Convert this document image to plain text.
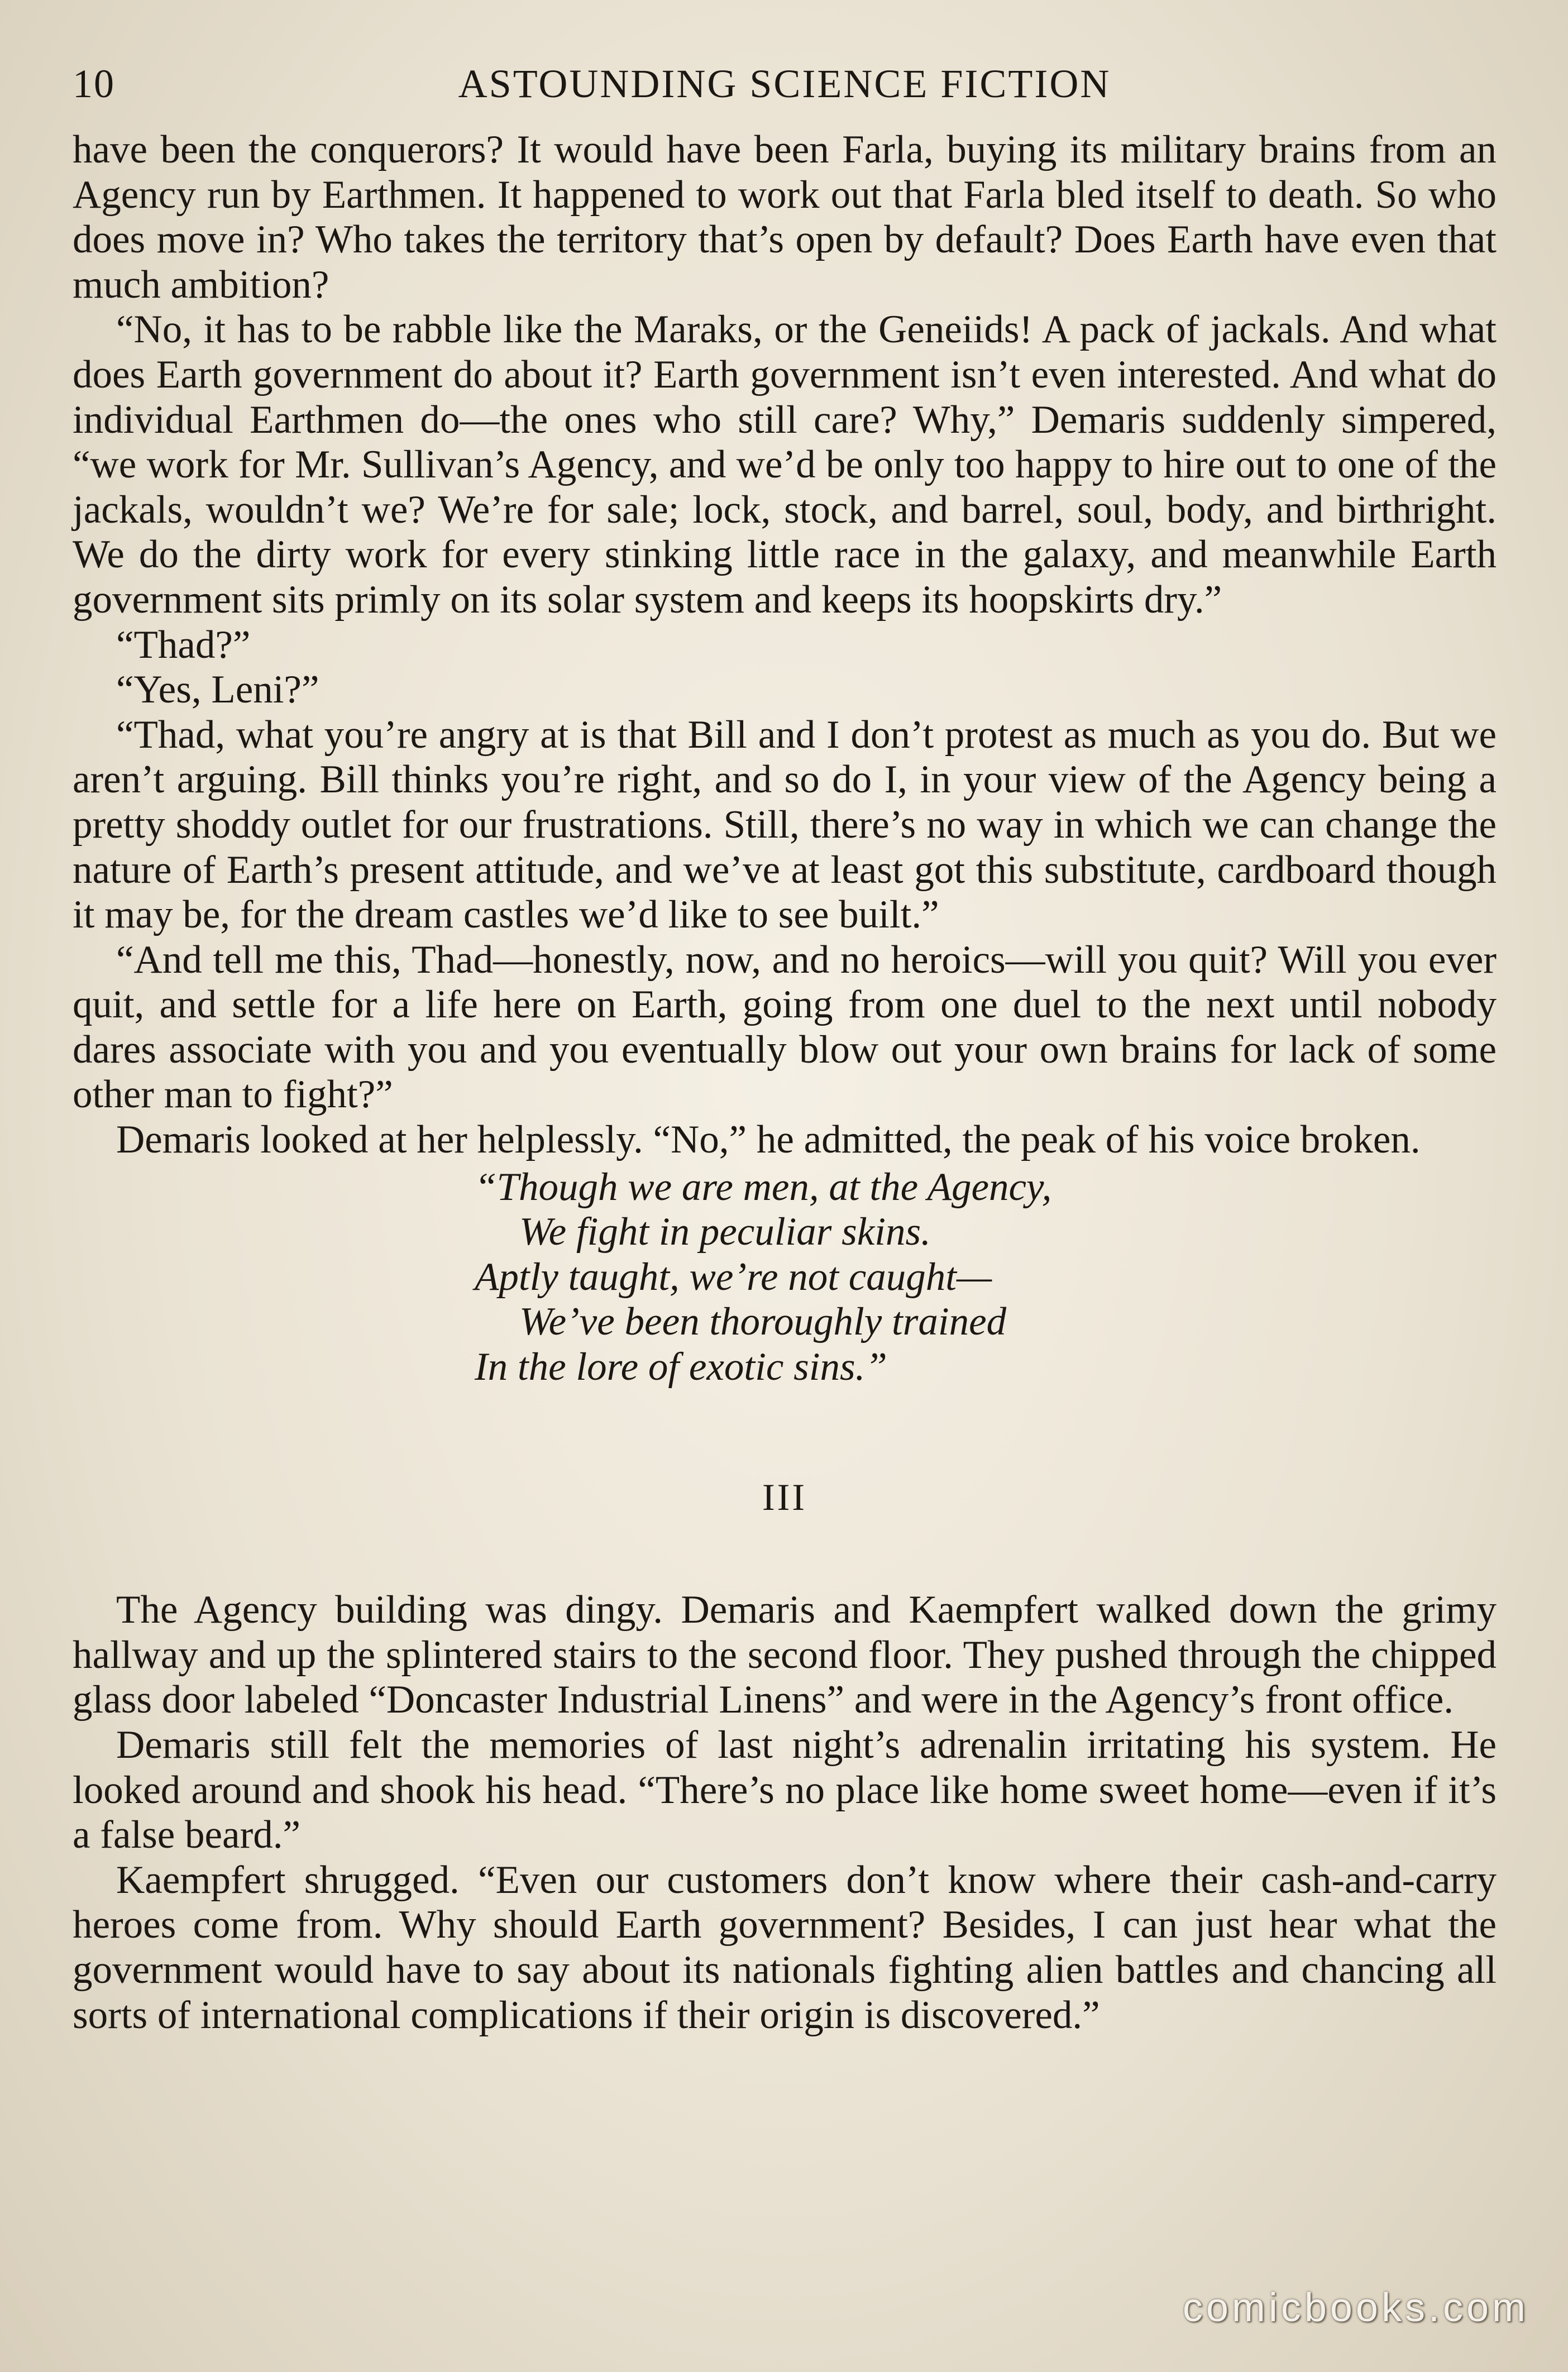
10	ASTOUNDING SCIENCE FICTION

have been the conquerors? It would have been Farla, buying its military brains from an Agency run by Earthmen. It happened to work out that Farla bled itself to death. So who does move in? Who takes the territory that’s open by default? Does Earth have even that much ambition?

“No, it has to be rabble like the Maraks, or the Geneiids! A pack of jackals. And what does Earth government do about it? Earth government isn’t even interested. And what do individual Earthmen do—the ones who still care? Why,” Demaris suddenly simpered, “we work for Mr. Sullivan’s Agency, and we’d be only too happy to hire out to one of the jackals, wouldn’t we? We’re for sale; lock, stock, and barrel, soul, body, and birthright. We do the dirty work for every stinking little race in the galaxy, and meanwhile Earth government sits primly on its solar system and keeps its hoopskirts dry.”

“Thad?”

“Yes, Leni?”

“Thad, what you’re angry at is that Bill and I don’t protest as much as you do. But we aren’t arguing. Bill thinks you’re right, and so do I, in your view of the Agency being a pretty shoddy outlet for our frustrations. Still, there’s no way in which we can change the nature of Earth’s present attitude, and we’ve at least got this substitute, cardboard though it may be, for the dream castles we’d like to see built.”

“And tell me this, Thad—honestly, now, and no heroics—will you quit? Will you ever quit, and settle for a life here on Earth, going from one duel to the next until nobody dares associate with you and you eventually blow out your own brains for lack of some other man to fight?”

Demaris looked at her helplessly. “No,” he admitted, the peak of his voice broken.

“Though we are men, at the Agency,
We fight in peculiar skins.
Aptly taught, we’re not caught—
We’ve been thoroughly trained
In the lore of exotic sins.”
III

The Agency building was dingy. Demaris and Kaempfert walked down the grimy hallway and up the splintered stairs to the second floor. They pushed through the chipped glass door labeled “Doncaster Industrial Linens” and were in the Agency’s front office.

Demaris still felt the memories of last night’s adrenalin irritating his system. He looked around and shook his head. “There’s no place like home sweet home—even if it’s a false beard.”

Kaempfert shrugged. “Even our customers don’t know where their cash-and-carry heroes come from. Why should Earth government? Besides, I can just hear what the government would have to say about its nationals fighting alien battles and chancing all sorts of international complications if their origin is discovered.”

comicbooks.com
